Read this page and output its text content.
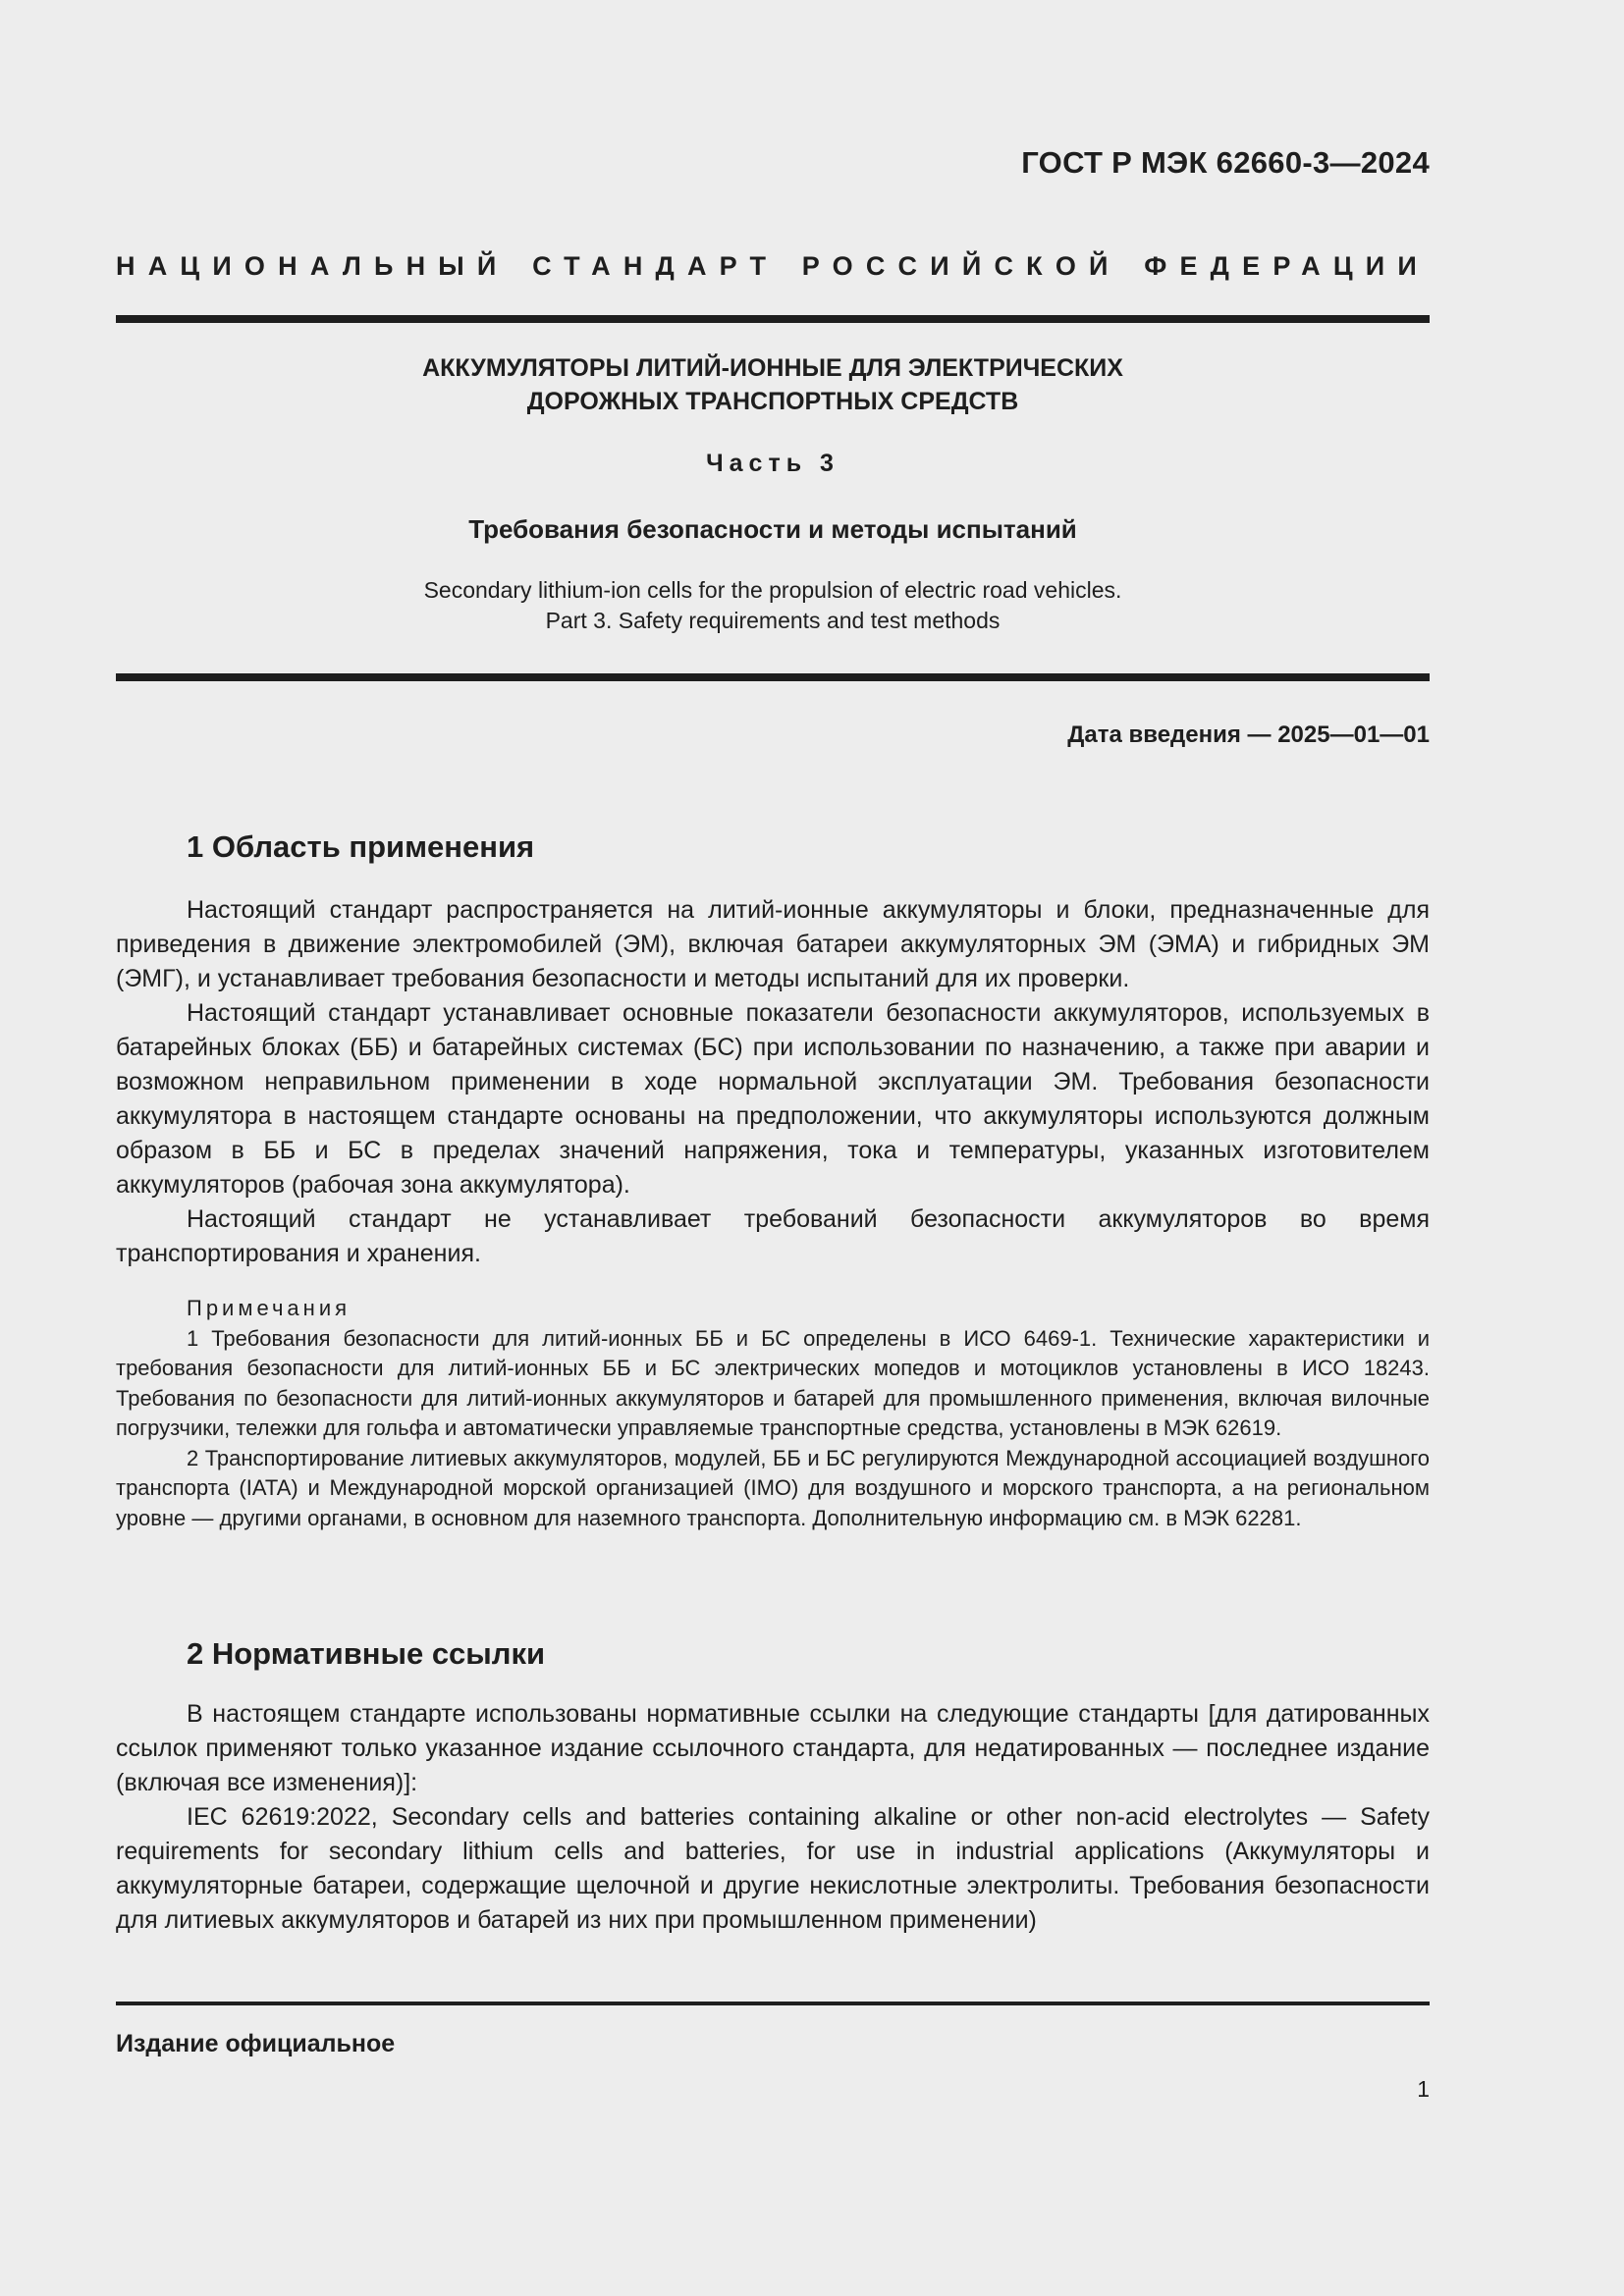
ГОСТ Р МЭК 62660-3—2024
НАЦИОНАЛЬНЫЙ СТАНДАРТ РОССИЙСКОЙ ФЕДЕРАЦИИ
АККУМУЛЯТОРЫ ЛИТИЙ-ИОННЫЕ ДЛЯ ЭЛЕКТРИЧЕСКИХ
ДОРОЖНЫХ ТРАНСПОРТНЫХ СРЕДСТВ
Часть 3
Требования безопасности и методы испытаний
Secondary lithium-ion cells for the propulsion of electric road vehicles.
Part 3. Safety requirements and test methods
Дата введения — 2025—01—01
1 Область применения

Настоящий стандарт распространяется на литий-ионные аккумуляторы и блоки, предназначенные для приведения в движение электромобилей (ЭМ), включая батареи аккумуляторных ЭМ (ЭМА) и гибридных ЭМ (ЭМГ), и устанавливает требования безопасности и методы испытаний для их проверки.

Настоящий стандарт устанавливает основные показатели безопасности аккумуляторов, используемых в батарейных блоках (ББ) и батарейных системах (БС) при использовании по назначению, а также при аварии и возможном неправильном применении в ходе нормальной эксплуатации ЭМ. Требования безопасности аккумулятора в настоящем стандарте основаны на предположении, что аккумуляторы используются должным образом в ББ и БС в пределах значений напряжения, тока и температуры, указанных изготовителем аккумуляторов (рабочая зона аккумулятора).

Настоящий стандарт не устанавливает требований безопасности аккумуляторов во время транспортирования и хранения.

Примечания

1 Требования безопасности для литий-ионных ББ и БС определены в ИСО 6469-1. Технические характеристики и требования безопасности для литий-ионных ББ и БС электрических мопедов и мотоциклов установлены в ИСО 18243. Требования по безопасности для литий-ионных аккумуляторов и батарей для промышленного применения, включая вилочные погрузчики, тележки для гольфа и автоматически управляемые транспортные средства, установлены в МЭК 62619.

2 Транспортирование литиевых аккумуляторов, модулей, ББ и БС регулируются Международной ассоциацией воздушного транспорта (IATA) и Международной морской организацией (IMO) для воздушного и морского транспорта, а на региональном уровне — другими органами, в основном для наземного транспорта. Дополнительную информацию см. в МЭК 62281.

2 Нормативные ссылки

В настоящем стандарте использованы нормативные ссылки на следующие стандарты [для датированных ссылок применяют только указанное издание ссылочного стандарта, для недатированных — последнее издание (включая все изменения)]:

IEC 62619:2022, Secondary cells and batteries containing alkaline or other non-acid electrolytes — Safety requirements for secondary lithium cells and batteries, for use in industrial applications (Аккумуляторы и аккумуляторные батареи, содержащие щелочной и другие некислотные электролиты. Требования безопасности для литиевых аккумуляторов и батарей из них при промышленном применении)

Издание официальное
1
